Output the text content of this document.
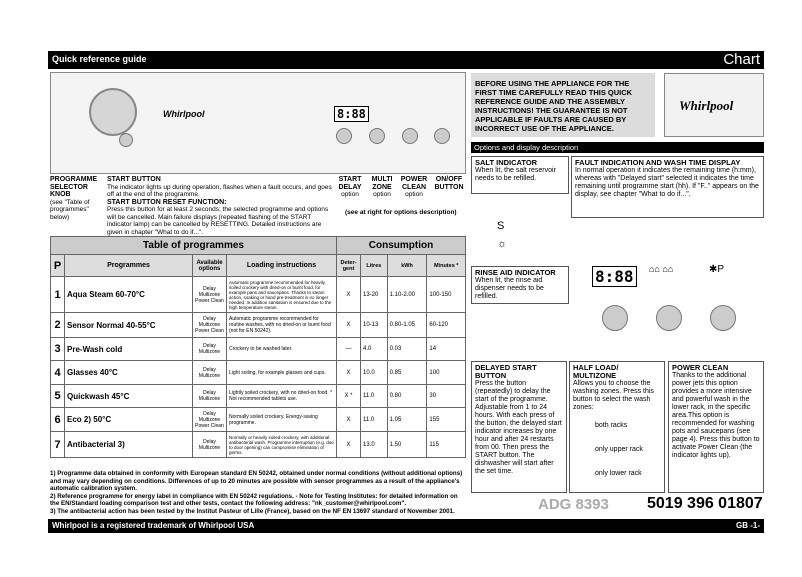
Quick reference guide	Chart
Whirlpool is a registered trademark of Whirlpool USA	GB -1-
Whirlpool	8:88
PROGRAMME SELECTOR KNOB
(see "Table of programmes" below)
START BUTTON
The indicator lights up during operation, flashes when a fault occurs, and goes off at the end of the programme.
START BUTTON RESET FUNCTION:
Press this button for at least 2 seconds; the selected programme and options will be cancelled. Main failure displays (repeated flashing of the START indicator lamp) can be cancelled by RESETTING. Detailed instructions are given in chapter "What to do if...".
START DELAY
option
MULTI ZONE
option
POWER CLEAN
option
ON/OFF BUTTON
(see at right for options description)
BEFORE USING THE APPLIANCE FOR THE FIRST TIME CAREFULLY READ THIS QUICK REFERENCE GUIDE AND THE ASSEMBLY INSTRUCTIONS! THE GUARANTEE IS NOT APPLICABLE IF FAULTS ARE CAUSED BY INCORRECT USE OF THE APPLIANCE.
Whirlpool
Options and display description
SALT INDICATOR
When lit, the salt reservoir needs to be refilled.
FAULT INDICATION AND WASH TIME DISPLAY
In normal operation it indicates the remaining time (h:mm), whereas with "Delayed start" selected it indicates the time remaining until programme start (hh). If "F.." appears on the display, see chapter "What to do if...".
S
☼
RINSE AID INDICATOR
When lit, the rinse aid dispenser needs to be refilled.
8:88	⌂⌂ ⌂⌂	✱P
DELAYED START BUTTON
Press the button (repeatedly) to delay the start of the programme. Adjustable from 1 to 24 hours. With each press of the button, the delayed start indicator increases by one hour and after 24 restarts from 00. Then press the START button. The dishwasher will start after the set time.
HALF LOAD/ MULTIZONE
Allows you to choose the washing zones. Press this button to select the wash zones:
both racks
only upper rack
only lower rack
POWER CLEAN
Thanks to the additional power jets this option provides a more intensive and powerful wash in the lower rack, in the specific area.This option is recommended for washing pots and saucepans (see page 4). Press this button to activate Power Clean (the indicator lights up).
Table of programmes				Consumption			
P	Programmes	Available options	Loading instructions	Deter-gent	Litres	kWh	Minutes *
1	Aqua Steam 60-70°C	Delay Multizone Power Clean	Automatic programme recommended for heavily soiled crockery with dried-on or burnt food, for example pans and saucepans. Thanks to steam action, soaking or hand pre-treatment is no longer needed. In addition sanitation is ensured due to the high temperature steam.	X	13-20	1.10-2.00	100-150
2	Sensor Normal 40-55°C	Delay Multizone Power Clean	Automatic programme recommended for routine washes, with no dried-on or burnt food (not for EN 50242).	X	10-13	0.80-1.05	60-120
3	Pre-Wash cold	Delay Multizone	Crockery to be washed later.	—	4.0	0.03	14
4	Glasses 40°C	Delay Multizone	Light soiling, for example glasses and cups.	X	10.0	0.85	100
5	Quickwash 45°C	Delay Multizone	Lightly soiled crockery, with no dried-on food. * Not recommended tablets use.	X *	11.0	0.80	30
6	Eco 2) 50°C	Delay Multizone Power Clean	Normally soiled crockery. Energy-saving programme.	X	11.0	1.05	155
7	Antibacterial 3)	Delay Multizone	Normally or heavily soiled crockery, with additional antibacterial wash. Programme interruption (e.g. due to door opening) can compromise elimination of germs.	X	13.0	1.50	115
1) Programme data obtained in conformity with European standard EN 50242, obtained under normal conditions (without additional options) and may vary depending on conditions. Differences of up to 20 minutes are possible with sensor programmes as a result of the appliance's automatic calibration system.
2) Reference programme for energy label in compliance with EN 50242 regulations. - Note for Testing Institutes: for detailed information on the EN/Standard loading comparison test and other tests, contact the following address: "nk_customer@whirlpool.com".
3) The antibacterial action has been tested by the Institut Pasteur of Lille (France), based on the NF EN 13697 standard of November 2001.	ADG 8393 5019 396 01807
